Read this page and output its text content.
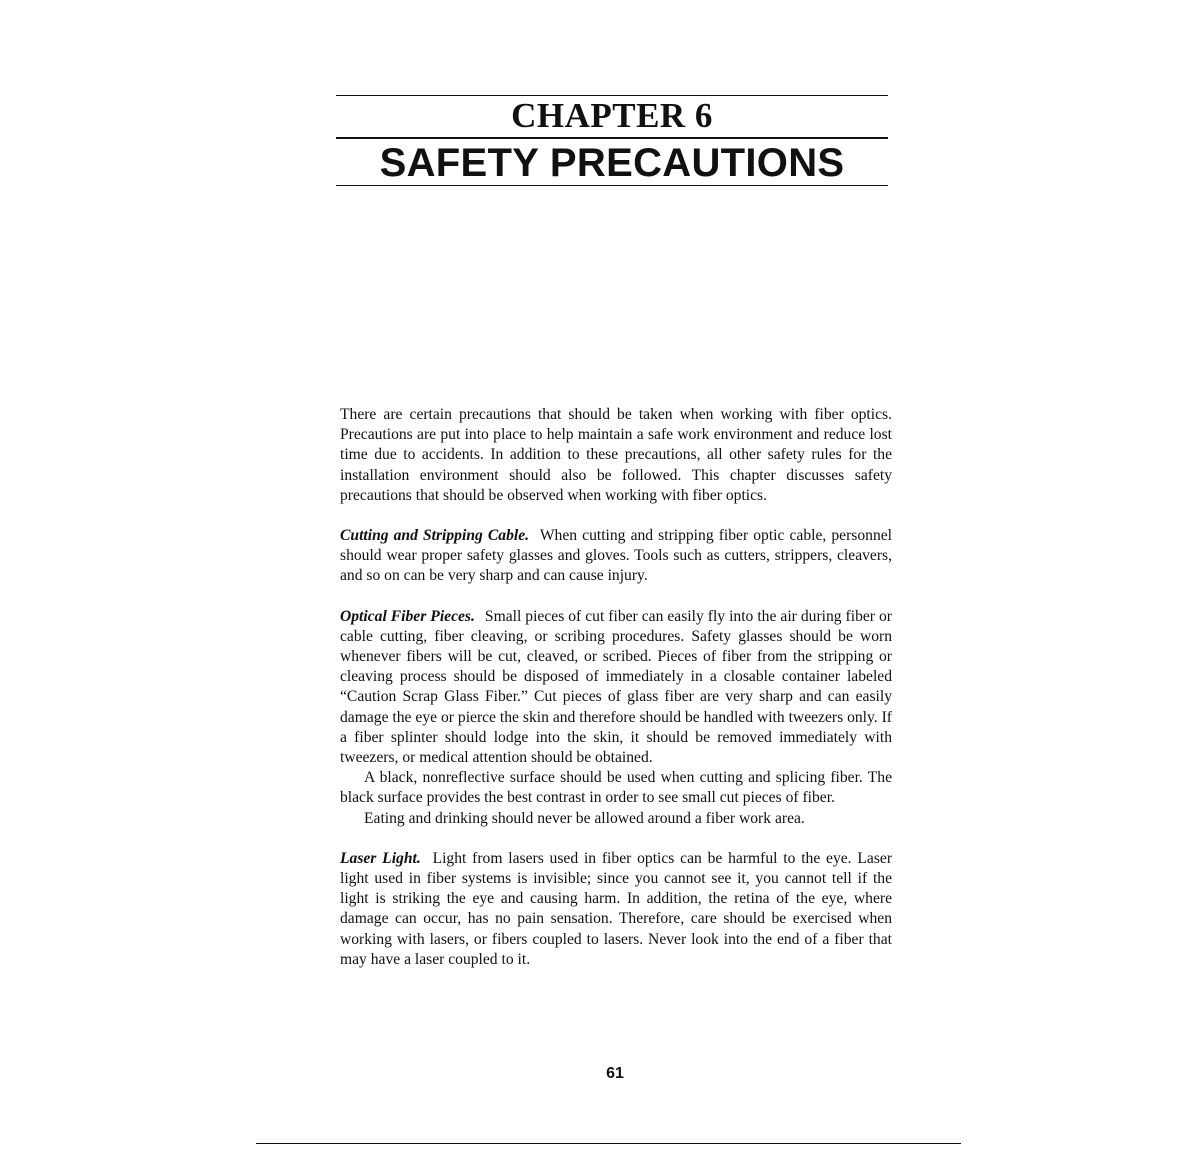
CHAPTER 6
SAFETY PRECAUTIONS

There are certain precautions that should be taken when working with fiber optics. Precautions are put into place to help maintain a safe work environment and reduce lost time due to accidents. In addition to these precautions, all other safety rules for the installation environment should also be followed. This chapter discusses safety precautions that should be observed when working with fiber optics.

Cutting and Stripping Cable. When cutting and stripping fiber optic cable, personnel should wear proper safety glasses and gloves. Tools such as cutters, strippers, cleavers, and so on can be very sharp and can cause injury.

Optical Fiber Pieces. Small pieces of cut fiber can easily fly into the air during fiber or cable cutting, fiber cleaving, or scribing procedures. Safety glasses should be worn whenever fibers will be cut, cleaved, or scribed. Pieces of fiber from the stripping or cleaving process should be disposed of immediately in a closable container labeled “Caution Scrap Glass Fiber.” Cut pieces of glass fiber are very sharp and can easily damage the eye or pierce the skin and therefore should be handled with tweezers only. If a fiber splinter should lodge into the skin, it should be removed immediately with tweezers, or medical attention should be obtained.

A black, nonreflective surface should be used when cutting and splicing fiber. The black surface provides the best contrast in order to see small cut pieces of fiber.

Eating and drinking should never be allowed around a fiber work area.

Laser Light. Light from lasers used in fiber optics can be harmful to the eye. Laser light used in fiber systems is invisible; since you cannot see it, you cannot tell if the light is striking the eye and causing harm. In addition, the retina of the eye, where damage can occur, has no pain sensation. Therefore, care should be exercised when working with lasers, or fibers coupled to lasers. Never look into the end of a fiber that may have a laser coupled to it.

61
